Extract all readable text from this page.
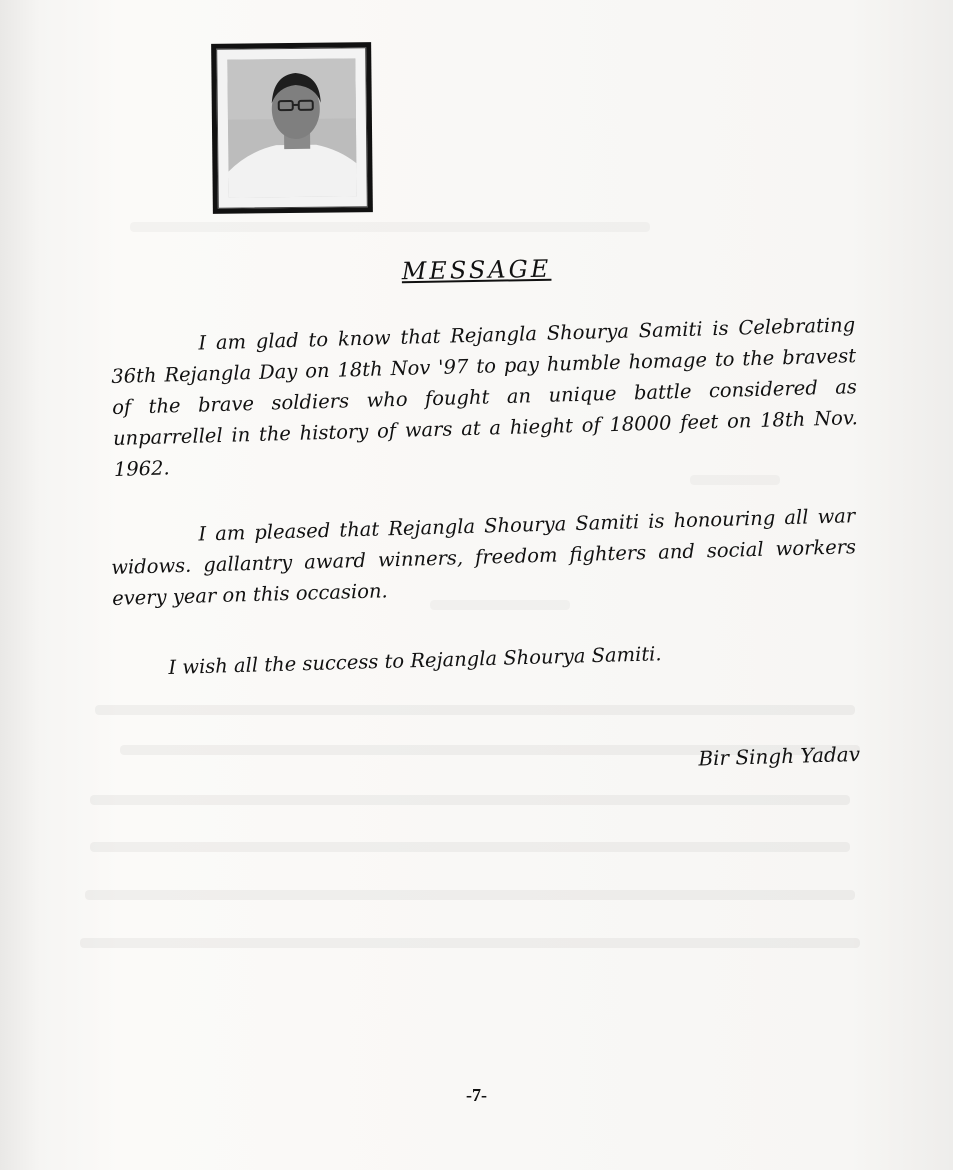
MESSAGE
I am glad to know that Rejangla Shourya Samiti is Celebrating 36th Rejangla Day on 18th Nov '97 to pay humble homage to the bravest of the brave soldiers who fought an unique battle considered as unparrellel in the history of wars at a hieght of 18000 feet on 18th Nov. 1962.
I am pleased that Rejangla Shourya Samiti is honouring all war widows. gallantry award winners, freedom fighters and social workers every year on this occasion.
I wish all the success to Rejangla Shourya Samiti.
Bir Singh Yadav
-7-
